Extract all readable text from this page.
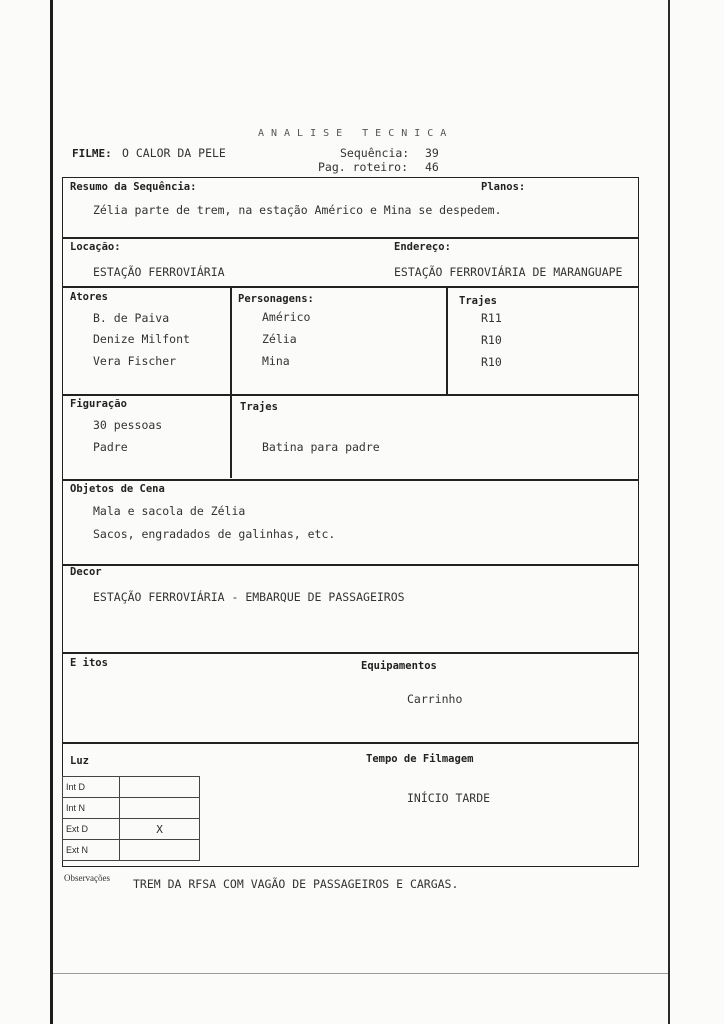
ANALISE TECNICA
FILME: O CALOR DA PELE	Sequência: 39
Pag. roteiro: 46
Resumo da Sequência:	Planos:
Zélia parte de trem, na estação Américo e Mina se despedem.
Locação:
ESTAÇÃO FERROVIÁRIA
Endereço:
ESTAÇÃO FERROVIÁRIA DE MARANGUAPE
Atores	Personagens:	Trajes
B. de Paiva	Américo	R11
Denize Milfont	Zélia	R10
Vera Fischer	Mina	R10
Figuração	Trajes
30 pessoas
Padre	Batina para padre
Objetos de Cena
Mala e sacola de Zélia
Sacos, engradados de galinhas, etc.
Decor
ESTAÇÃO FERROVIÁRIA - EMBARQUE DE PASSAGEIROS
E itos	Equipamentos
Carrinho
Luz
Int D	
Int N	
Ext D	X
Ext N	
Tempo de Filmagem
INÍCIO TARDE
Observações TREM DA RFSA COM VAGÃO DE PASSAGEIROS E CARGAS.
